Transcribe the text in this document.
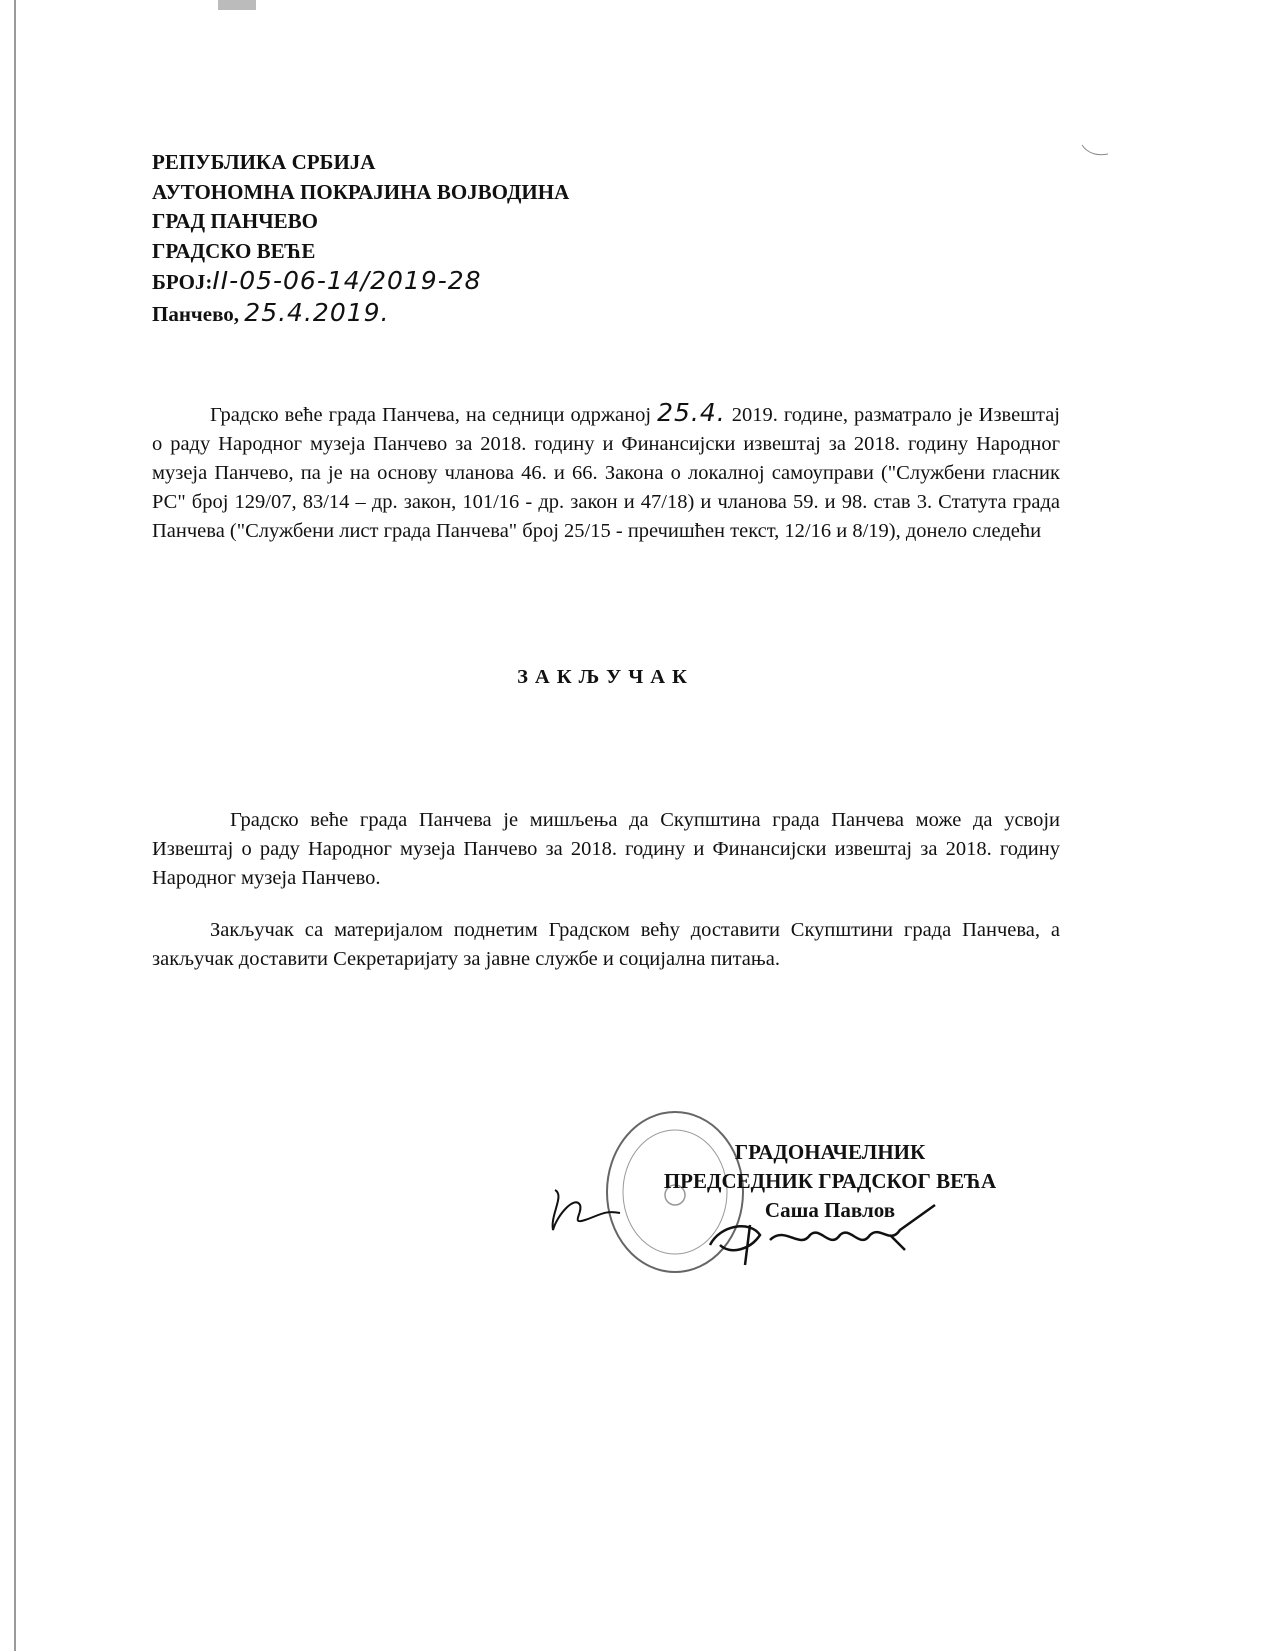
РЕПУБЛИКА СРБИЈА
АУТОНОМНА ПОКРАЈИНА ВОЈВОДИНА
ГРАД ПАНЧЕВО
ГРАДСКО ВЕЋЕ
БРОЈ:II-05-06-14/2019-28
Панчево, 25.4.2019.
Градско веће града Панчева, на седници одржаној 25.4. 2019. године, разматрало је Извештај о раду Народног музеја Панчево за 2018. годину и Финансијски извештај за 2018. годину Народног музеја Панчево, па је на основу чланова 46. и 66. Закона о локалној самоуправи ("Службени гласник РС" број 129/07, 83/14 – др. закон, 101/16 - др. закон и 47/18) и чланова 59. и 98. став 3. Статута града Панчева ("Службени лист града Панчева" број 25/15 - пречишћен текст, 12/16 и 8/19), донело следећи
ЗАКЉУЧАК
Градско веће града Панчева је мишљења да Скупштина града Панчева може да усвоји Извештај о раду Народног музеја Панчево за 2018. годину и Финансијски извештај за 2018. годину Народног музеја Панчево.
Закључак са материјалом поднетим Градском већу доставити Скупштини града Панчева, а закључак доставити Секретаријату за јавне службе и социјална питања.
ГРАДОНАЧЕЛНИК
ПРЕДСЕДНИК ГРАДСКОГ ВЕЋА
Саша Павлов
